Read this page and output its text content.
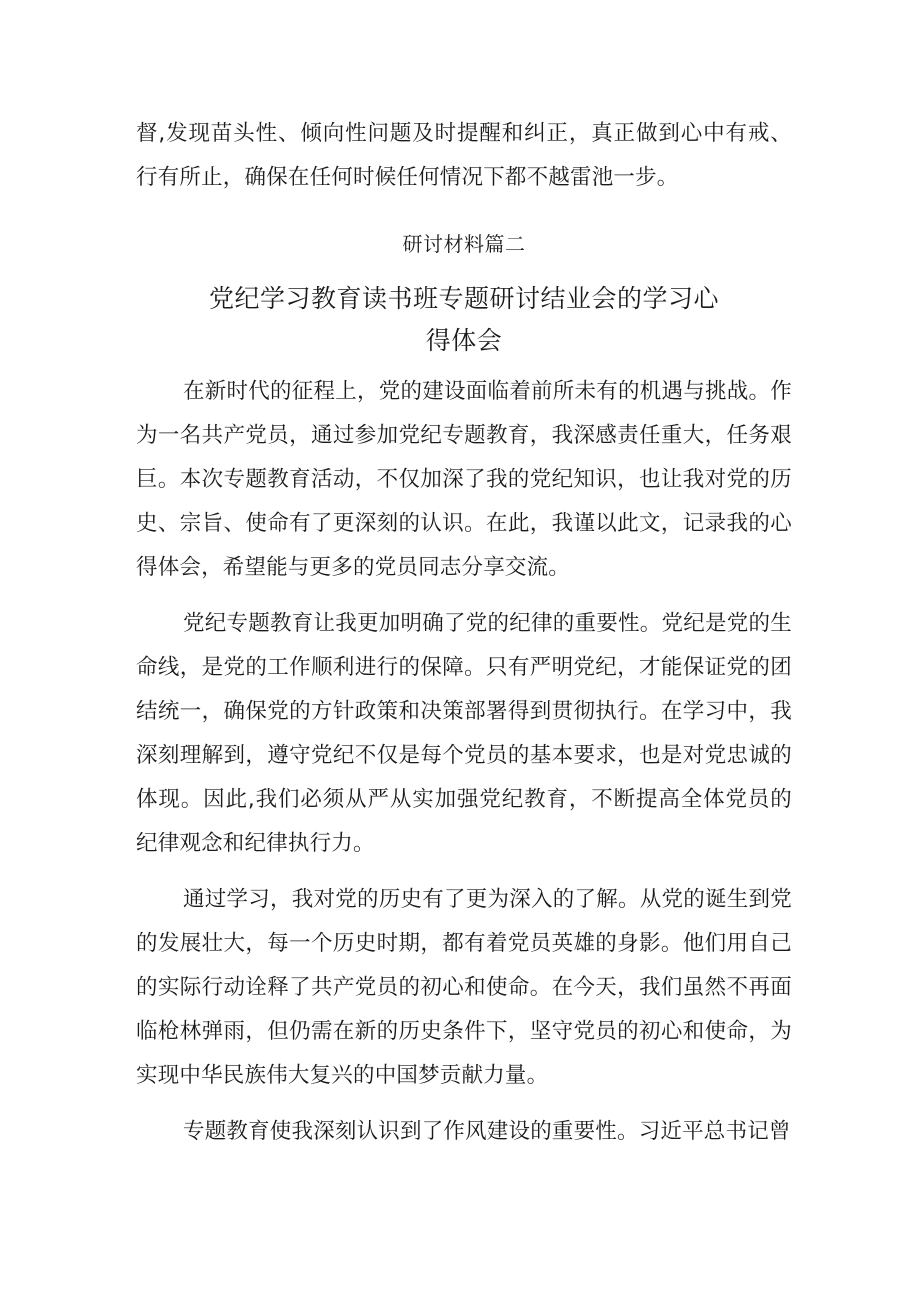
督,发现苗头性、倾向性问题及时提醒和纠正，真正做到心中有戒、行有所止，确保在任何时候任何情况下都不越雷池一步。

研讨材料篇二
党纪学习教育读书班专题研讨结业会的学习心
得体会

在新时代的征程上，党的建设面临着前所未有的机遇与挑战。作为一名共产党员，通过参加党纪专题教育，我深感责任重大，任务艰巨。本次专题教育活动，不仅加深了我的党纪知识，也让我对党的历史、宗旨、使命有了更深刻的认识。在此，我谨以此文，记录我的心得体会，希望能与更多的党员同志分享交流。

党纪专题教育让我更加明确了党的纪律的重要性。党纪是党的生命线，是党的工作顺利进行的保障。只有严明党纪，才能保证党的团结统一，确保党的方针政策和决策部署得到贯彻执行。在学习中，我深刻理解到，遵守党纪不仅是每个党员的基本要求，也是对党忠诚的体现。因此,我们必须从严从实加强党纪教育，不断提高全体党员的纪律观念和纪律执行力。

通过学习，我对党的历史有了更为深入的了解。从党的诞生到党的发展壮大，每一个历史时期，都有着党员英雄的身影。他们用自己的实际行动诠释了共产党员的初心和使命。在今天，我们虽然不再面临枪林弹雨，但仍需在新的历史条件下，坚守党员的初心和使命，为实现中华民族伟大复兴的中国梦贡献力量。

专题教育使我深刻认识到了作风建设的重要性。习近平总书记曾
